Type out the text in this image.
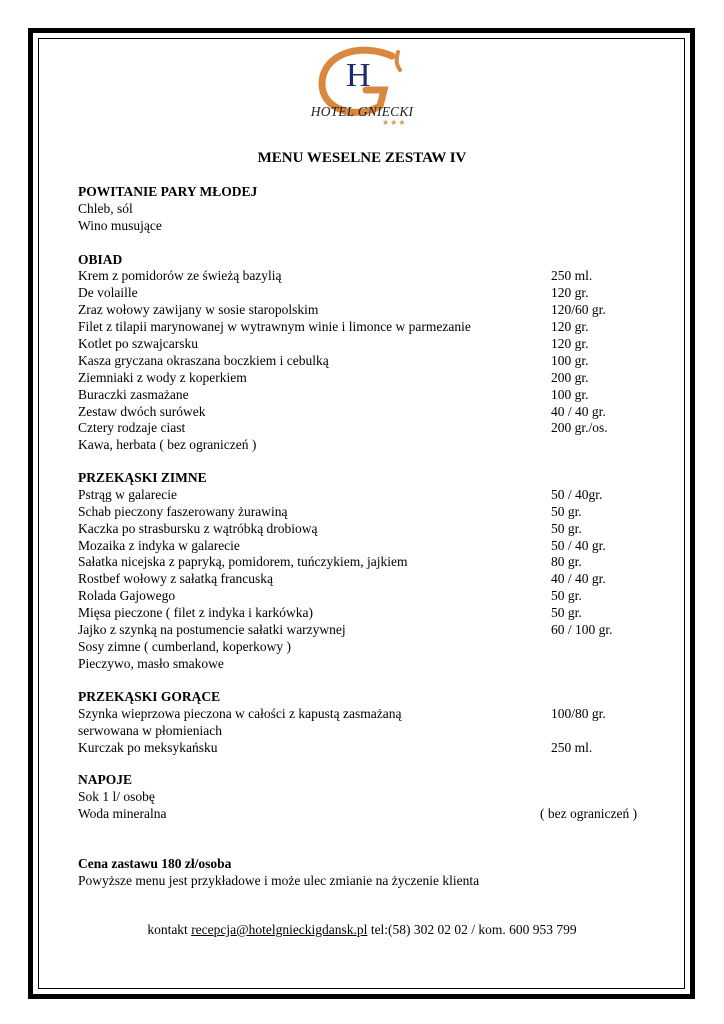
H
HOTEL GNIECKI
★★★
MENU WESELNE ZESTAW IV
POWITANIE PARY MŁODEJ
Chleb, sól
Wino musujące
OBIAD
Krem z pomidorów ze świeżą bazylią	250 ml.
De volaille	120 gr.
Zraz wołowy zawijany w sosie staropolskim	120/60 gr.
Filet z tilapii marynowanej w wytrawnym winie i limonce w parmezanie	120 gr.
Kotlet po szwajcarsku	120 gr.
Kasza gryczana okraszana boczkiem i cebulką	100 gr.
Ziemniaki z wody z koperkiem	200 gr.
Buraczki zasmażane	100 gr.
Zestaw dwóch surówek	40 / 40 gr.
Cztery rodzaje ciast	200 gr./os.
Kawa, herbata ( bez ograniczeń )
PRZEKĄSKI ZIMNE
Pstrąg w galarecie	50 / 40gr.
Schab pieczony faszerowany żurawiną	50 gr.
Kaczka po strasbursku z wątróbką drobiową	50 gr.
Mozaika z indyka w galarecie	50 / 40 gr.
Sałatka nicejska z papryką, pomidorem, tuńczykiem, jajkiem	80 gr.
Rostbef wołowy z sałatką francuską	40 / 40 gr.
Rolada Gajowego	50 gr.
Mięsa pieczone ( filet z indyka i karkówka)	50 gr.
Jajko z szynką na postumencie sałatki warzywnej	60 / 100 gr.
Sosy zimne ( cumberland, koperkowy )
Pieczywo, masło smakowe
PRZEKĄSKI GORĄCE
Szynka wieprzowa pieczona w całości z kapustą zasmażaną	100/80 gr.
serwowana w płomieniach
Kurczak po meksykańsku	250 ml.
NAPOJE
Sok 1 l/ osobę
Woda mineralna	( bez ograniczeń )
Cena zastawu 180 zł/osoba
Powyższe menu jest przykładowe i może ulec zmianie na życzenie klienta
kontakt recepcja@hotelgnieckigdansk.pl tel:(58) 302 02 02 / kom. 600 953 799
